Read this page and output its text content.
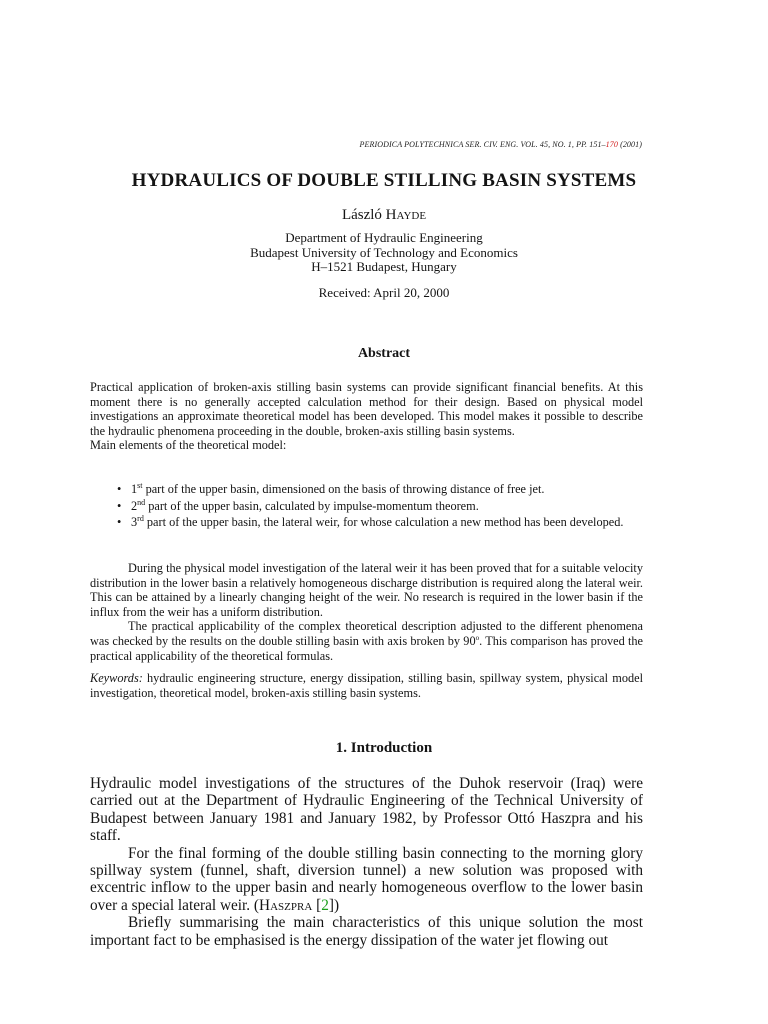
PERIODICA POLYTECHNICA SER. CIV. ENG. VOL. 45, NO. 1, PP. 151–170 (2001)
HYDRAULICS OF DOUBLE STILLING BASIN SYSTEMS
László Hayde
Department of Hydraulic Engineering
Budapest University of Technology and Economics
H–1521 Budapest, Hungary
Received: April 20, 2000
Abstract

Practical application of broken-axis stilling basin systems can provide significant financial benefits. At this moment there is no generally accepted calculation method for their design. Based on physical model investigations an approximate theoretical model has been developed. This model makes it possible to describe the hydraulic phenomena proceeding in the double, broken-axis stilling basin systems.

Main elements of the theoretical model:

• 1st part of the upper basin, dimensioned on the basis of throwing distance of free jet.
• 2nd part of the upper basin, calculated by impulse-momentum theorem.
• 3rd part of the upper basin, the lateral weir, for whose calculation a new method has been developed.

During the physical model investigation of the lateral weir it has been proved that for a suitable velocity distribution in the lower basin a relatively homogeneous discharge distribution is required along the lateral weir. This can be attained by a linearly changing height of the weir. No research is required in the lower basin if the influx from the weir has a uniform distribution.

The practical applicability of the complex theoretical description adjusted to the different phenomena was checked by the results on the double stilling basin with axis broken by 90$^o$. This comparison has proved the practical applicability of the theoretical formulas.

Keywords: hydraulic engineering structure, energy dissipation, stilling basin, spillway system, physical model investigation, theoretical model, broken-axis stilling basin systems.
1. Introduction

Hydraulic model investigations of the structures of the Duhok reservoir (Iraq) were carried out at the Department of Hydraulic Engineering of the Technical University of Budapest between January 1981 and January 1982, by Professor Ottó Haszpra and his staff.

For the final forming of the double stilling basin connecting to the morning glory spillway system (funnel, shaft, diversion tunnel) a new solution was proposed with excentric inflow to the upper basin and nearly homogeneous overflow to the lower basin over a special lateral weir. (Haszpra [2])

Briefly summarising the main characteristics of this unique solution the most important fact to be emphasised is the energy dissipation of the water jet flowing out
